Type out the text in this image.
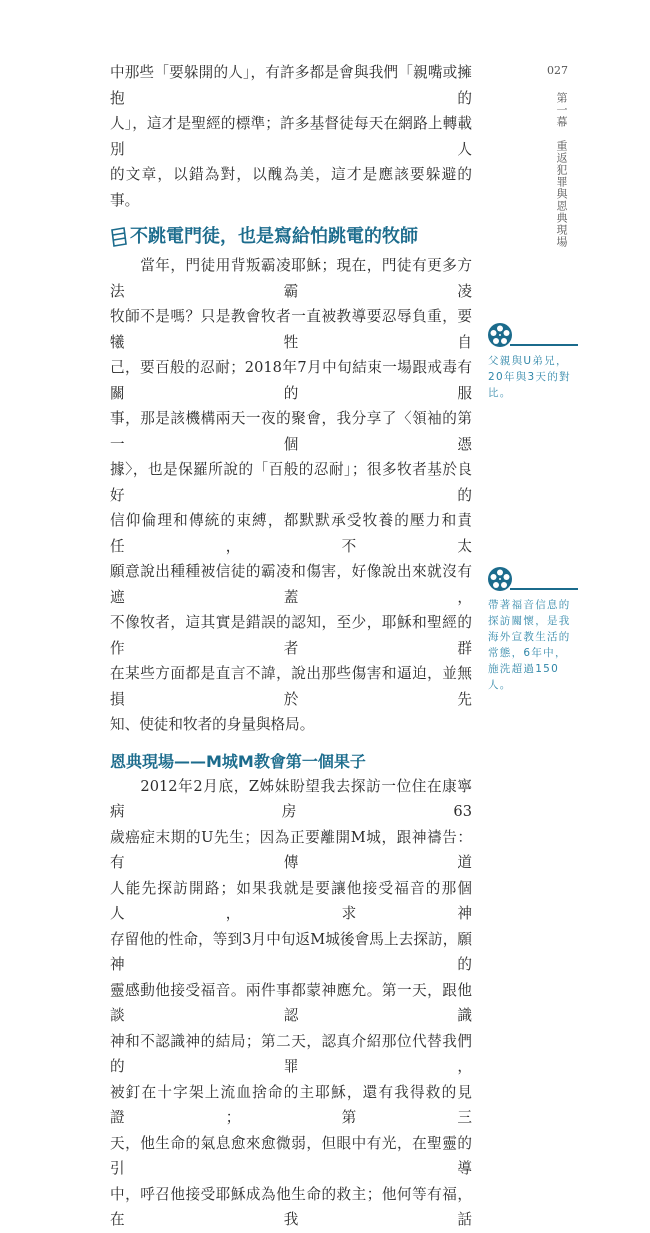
027
第一幕
重返犯罪與恩典現場
中那些「要躲開的人」，有許多都是會與我們「親嘴或擁抱的
人」，這才是聖經的標準；許多基督徒每天在網路上轉載別人
的文章，以錯為對，以醜為美，這才是應該要躲避的事。
不跳電門徒，也是寫給怕跳電的牧師
　　當年，門徒用背叛霸凌耶穌；現在，門徒有更多方法霸凌
牧師不是嗎？只是教會牧者一直被教導要忍辱負重，要犧牲自
己，要百般的忍耐；2018年7月中旬結束一場跟戒毒有關的服
事，那是該機構兩天一夜的聚會，我分享了〈領袖的第一個憑
據〉，也是保羅所說的「百般的忍耐」；很多牧者基於良好的
信仰倫理和傳統的束縛，都默默承受牧養的壓力和責任，不太
願意說出種種被信徒的霸凌和傷害，好像說出來就沒有遮蓋，
不像牧者，這其實是錯誤的認知，至少，耶穌和聖經的作者群
在某些方面都是直言不諱，說出那些傷害和逼迫，並無損於先
知、使徒和牧者的身量與格局。
恩典現場——M城M教會第一個果子
　　2012年2月底，Z姊妹盼望我去探訪一位住在康寧病房63
歲癌症末期的U先生；因為正要離開M城，跟神禱告：有傳道
人能先探訪開路；如果我就是要讓他接受福音的那個人，求神
存留他的性命，等到3月中旬返M城後會馬上去探訪，願神的
靈感動他接受福音。兩件事都蒙神應允。第一天，跟他談認識
神和不認識神的結局；第二天，認真介紹那位代替我們的罪，
被釘在十字架上流血捨命的主耶穌，還有我得救的見證；第三
天，他生命的氣息愈來愈微弱，但眼中有光，在聖靈的引導
中，呼召他接受耶穌成為他生命的救主；他何等有福，在我話
父親與U弟兄，20年與3天的對比。
帶著福音信息的探訪關懷，是我海外宣教生活的常態，6年中，施洗超過150人。
